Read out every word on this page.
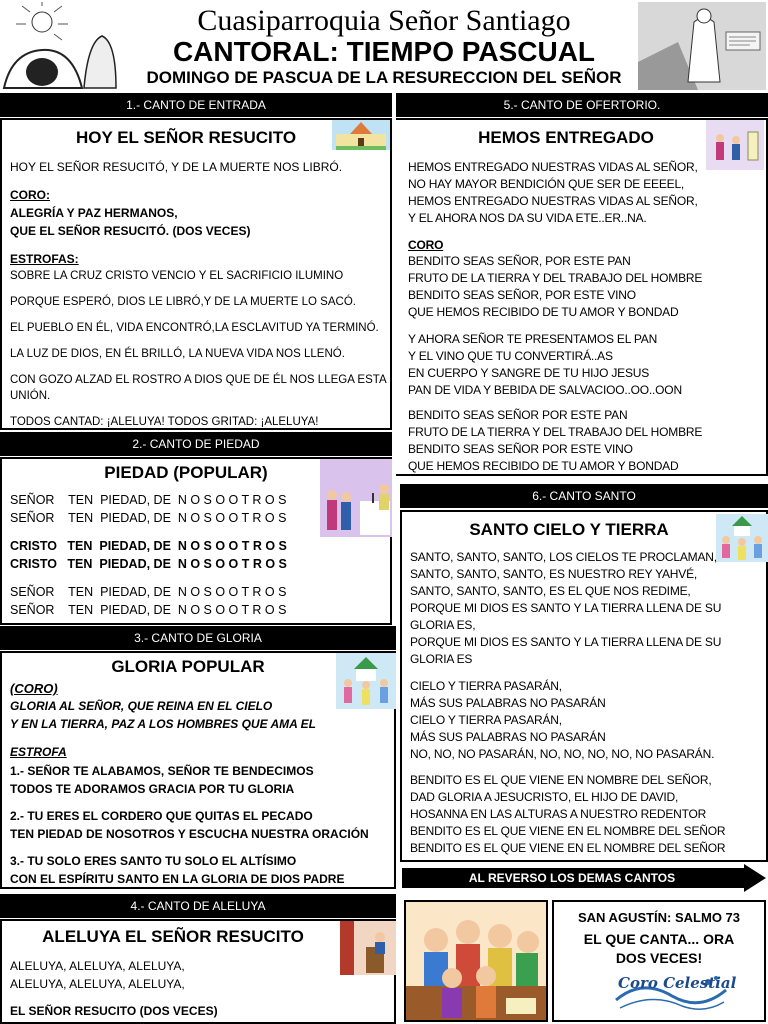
Cuasiparroquia Señor Santiago
CANTORAL: TIEMPO PASCUAL
DOMINGO DE PASCUA DE LA RESURECCION DEL SEÑOR
1.- CANTO DE ENTRADA	5.- CANTO DE OFERTORIO.
HOY EL SEÑOR RESUCITO
HOY EL SEÑOR RESUCITÓ, Y DE LA MUERTE NOS LIBRÓ.
CORO:
ALEGRÍA Y PAZ HERMANOS,
QUE EL SEÑOR RESUCITÓ. (DOS VECES)
ESTROFAS:
SOBRE LA CRUZ CRISTO VENCIO Y EL SACRIFICIO ILUMINO
PORQUE ESPERÓ, DIOS LE LIBRÓ,Y DE LA MUERTE LO SACÓ.
EL PUEBLO EN ÉL, VIDA ENCONTRÓ,LA ESCLAVITUD YA TERMINÓ.
LA LUZ DE DIOS, EN ÉL BRILLÓ, LA NUEVA VIDA NOS LLENÓ.
CON GOZO ALZAD EL ROSTRO A DIOS QUE DE ÉL NOS LLEGA ESTA
UNIÓN.
TODOS CANTAD: ¡ALELUYA! TODOS GRITAD: ¡ALELUYA!
2.- CANTO DE PIEDAD
PIEDAD (POPULAR)
SEÑOR    TEN  PIEDAD, DE  N O S O O T R O S
SEÑOR    TEN  PIEDAD, DE  N O S O O T R O S
CRISTO   TEN  PIEDAD, DE  N O S O O T R O S
CRISTO   TEN  PIEDAD, DE  N O S O O T R O S
SEÑOR    TEN  PIEDAD, DE  N O S O O T R O S
SEÑOR    TEN  PIEDAD, DE  N O S O O T R O S
3.- CANTO DE GLORIA
GLORIA POPULAR
(CORO)
GLORIA AL SEÑOR, QUE REINA EN EL CIELO
Y EN LA TIERRA, PAZ A LOS HOMBRES QUE AMA EL
ESTROFA
1.- SEÑOR TE ALABAMOS, SEÑOR TE BENDECIMOS
TODOS TE ADORAMOS GRACIA POR TU GLORIA
2.- TU ERES EL CORDERO QUE QUITAS EL PECADO
TEN PIEDAD DE NOSOTROS Y ESCUCHA NUESTRA ORACIÓN
3.- TU SOLO ERES SANTO TU SOLO EL ALTÍSIMO
CON EL ESPÍRITU SANTO EN LA GLORIA DE DIOS PADRE
4.- CANTO DE ALELUYA
ALELUYA EL SEÑOR RESUCITO
ALELUYA, ALELUYA, ALELUYA,
ALELUYA, ALELUYA, ALELUYA,
EL SEÑOR RESUCITO (DOS VECES)
HEMOS ENTREGADO
HEMOS ENTREGADO NUESTRAS VIDAS AL SEÑOR,
NO HAY MAYOR BENDICIÓN QUE SER DE EEEEL,
HEMOS ENTREGADO NUESTRAS VIDAS AL SEÑOR,
Y EL AHORA NOS DA SU VIDA ETE..ER..NA.
CORO
BENDITO SEAS SEÑOR, POR ESTE PAN
FRUTO DE LA TIERRA Y DEL TRABAJO DEL HOMBRE
BENDITO SEAS SEÑOR, POR ESTE VINO
QUE HEMOS RECIBIDO DE TU AMOR Y BONDAD
Y AHORA SEÑOR TE PRESENTAMOS EL PAN
Y EL VINO QUE TU CONVERTIRÁ..AS
EN CUERPO Y SANGRE DE TU HIJO JESUS
PAN DE VIDA Y BEBIDA DE SALVACIOO..OO..OON
BENDITO SEAS SEÑOR POR ESTE PAN
FRUTO DE LA TIERRA Y DEL TRABAJO DEL HOMBRE
BENDITO SEAS SEÑOR POR ESTE VINO
QUE HEMOS RECIBIDO DE TU AMOR Y BONDAD
6.- CANTO SANTO
SANTO CIELO Y TIERRA
SANTO, SANTO, SANTO, LOS CIELOS TE PROCLAMAN,
SANTO, SANTO, SANTO, ES NUESTRO REY YAHVÉ,
SANTO, SANTO, SANTO, ES EL QUE NOS REDIME,
PORQUE MI DIOS ES SANTO Y LA TIERRA LLENA DE SU
GLORIA ES,
PORQUE MI DIOS ES SANTO Y LA TIERRA LLENA DE SU
GLORIA ES
CIELO Y TIERRA PASARÁN,
MÁS SUS PALABRAS NO PASARÁN
CIELO Y TIERRA PASARÁN,
MÁS SUS PALABRAS NO PASARÁN
NO, NO, NO PASARÁN, NO, NO, NO, NO, NO PASARÁN.
BENDITO ES EL QUE VIENE EN NOMBRE DEL SEÑOR,
DAD GLORIA A JESUCRISTO, EL HIJO DE DAVID,
HOSANNA EN LAS ALTURAS A NUESTRO REDENTOR
BENDITO ES EL QUE VIENE EN EL NOMBRE DEL SEÑOR
BENDITO ES EL QUE VIENE EN EL NOMBRE DEL SEÑOR
AL REVERSO LOS DEMAS CANTOS
SAN AGUSTÍN: SALMO 73
EL QUE CANTA... ORA DOS VECES!
Coro Celestial
